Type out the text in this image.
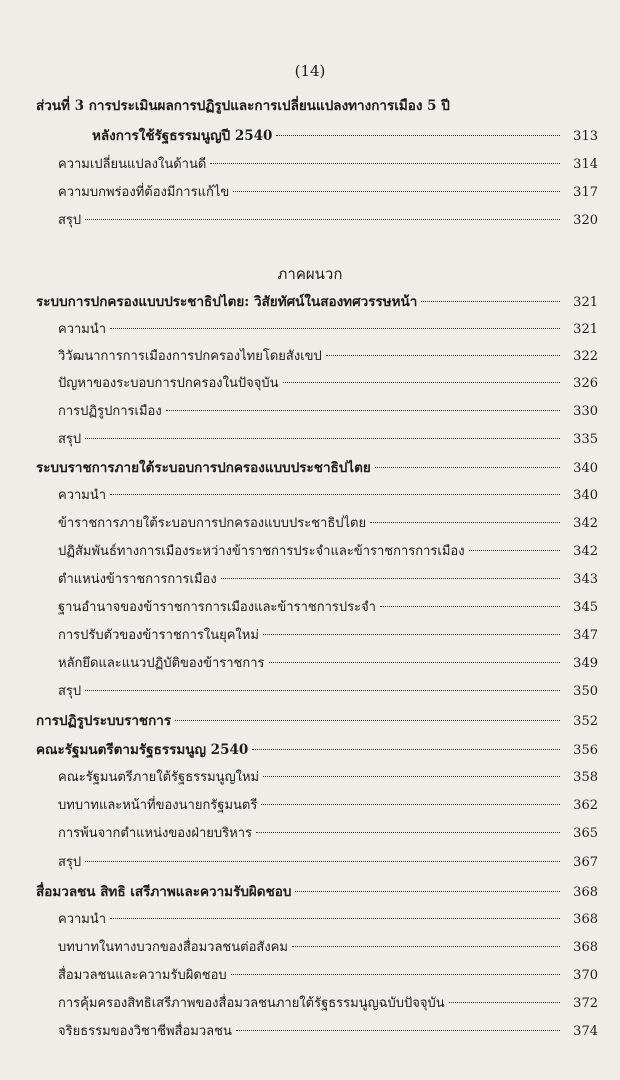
(14)
ส่วนที่ 3 การประเมินผลการปฏิรูปและการเปลี่ยนแปลงทางการเมือง 5 ปี
หลังการใช้รัฐธรรมนูญปี 2540	313
ความเปลี่ยนแปลงในด้านดี	314
ความบกพร่องที่ต้องมีการแก้ไข	317
สรุป	320
ภาคผนวก
ระบบการปกครองแบบประชาธิปไตย: วิสัยทัศน์ในสองทศวรรษหน้า	321
ความนำ	321
วิวัฒนาการการเมืองการปกครองไทยโดยสังเขป	322
ปัญหาของระบอบการปกครองในปัจจุบัน	326
การปฏิรูปการเมือง	330
สรุป	335
ระบบราชการภายใต้ระบอบการปกครองแบบประชาธิปไตย	340
ความนำ	340
ข้าราชการภายใต้ระบอบการปกครองแบบประชาธิปไตย	342
ปฏิสัมพันธ์ทางการเมืองระหว่างข้าราชการประจำและข้าราชการการเมือง	342
ตำแหน่งข้าราชการการเมือง	343
ฐานอำนาจของข้าราชการการเมืองและข้าราชการประจำ	345
การปรับตัวของข้าราชการในยุคใหม่	347
หลักยึดและแนวปฏิบัติของข้าราชการ	349
สรุป	350
การปฏิรูประบบราชการ	352
คณะรัฐมนตรีตามรัฐธรรมนูญ 2540	356
คณะรัฐมนตรีภายใต้รัฐธรรมนูญใหม่	358
บทบาทและหน้าที่ของนายกรัฐมนตรี	362
การพ้นจากตำแหน่งของฝ่ายบริหาร	365
สรุป	367
สื่อมวลชน สิทธิ เสรีภาพและความรับผิดชอบ	368
ความนำ	368
บทบาทในทางบวกของสื่อมวลชนต่อสังคม	368
สื่อมวลชนและความรับผิดชอบ	370
การคุ้มครองสิทธิเสรีภาพของสื่อมวลชนภายใต้รัฐธรรมนูญฉบับปัจจุบัน	372
จริยธรรมของวิชาชีพสื่อมวลชน	374
